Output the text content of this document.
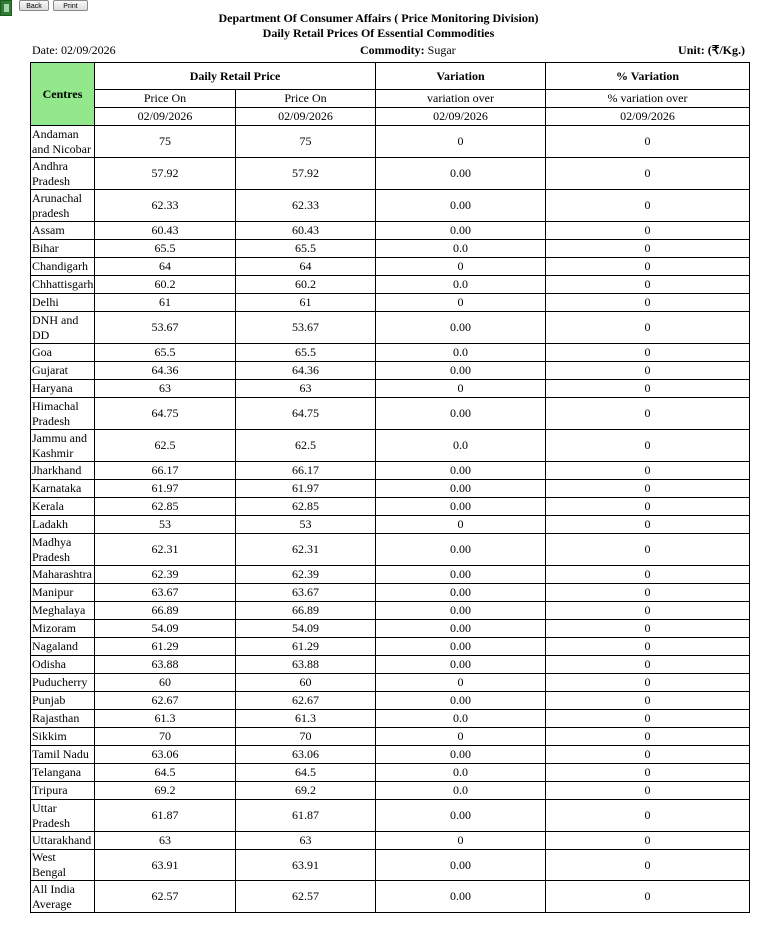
Back	Print
Department Of Consumer Affairs ( Price Monitoring Division)
Daily Retail Prices Of Essential Commodities
Date: 02/09/2026	Commodity: Sugar	Unit: (₹/Kg.)
Centres	Daily Retail Price		Variation	% Variation
	Price On	Price On	variation over	% variation over
	02/09/2026	02/09/2026	02/09/2026	02/09/2026
Andaman and Nicobar	75	75	0	0
Andhra Pradesh	57.92	57.92	0.00	0
Arunachal pradesh	62.33	62.33	0.00	0
Assam	60.43	60.43	0.00	0
Bihar	65.5	65.5	0.0	0
Chandigarh	64	64	0	0
Chhattisgarh	60.2	60.2	0.0	0
Delhi	61	61	0	0
DNH and DD	53.67	53.67	0.00	0
Goa	65.5	65.5	0.0	0
Gujarat	64.36	64.36	0.00	0
Haryana	63	63	0	0
Himachal Pradesh	64.75	64.75	0.00	0
Jammu and Kashmir	62.5	62.5	0.0	0
Jharkhand	66.17	66.17	0.00	0
Karnataka	61.97	61.97	0.00	0
Kerala	62.85	62.85	0.00	0
Ladakh	53	53	0	0
Madhya Pradesh	62.31	62.31	0.00	0
Maharashtra	62.39	62.39	0.00	0
Manipur	63.67	63.67	0.00	0
Meghalaya	66.89	66.89	0.00	0
Mizoram	54.09	54.09	0.00	0
Nagaland	61.29	61.29	0.00	0
Odisha	63.88	63.88	0.00	0
Puducherry	60	60	0	0
Punjab	62.67	62.67	0.00	0
Rajasthan	61.3	61.3	0.0	0
Sikkim	70	70	0	0
Tamil Nadu	63.06	63.06	0.00	0
Telangana	64.5	64.5	0.0	0
Tripura	69.2	69.2	0.0	0
Uttar Pradesh	61.87	61.87	0.00	0
Uttarakhand	63	63	0	0
West Bengal	63.91	63.91	0.00	0
All India Average	62.57	62.57	0.00	0
